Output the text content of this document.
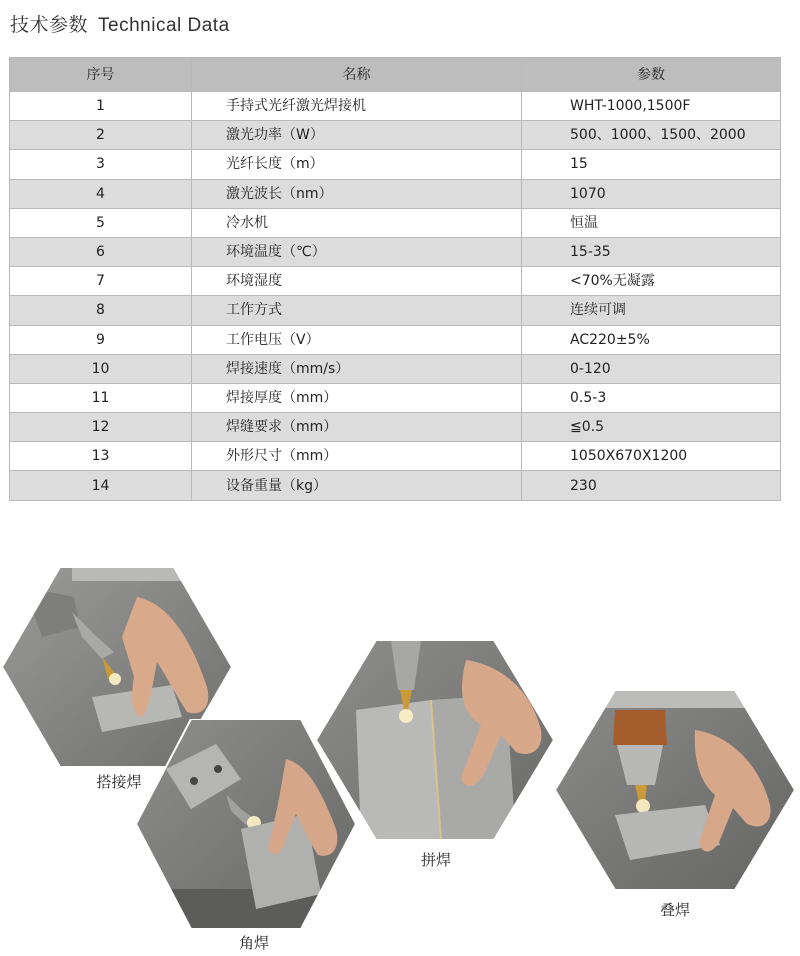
技术参数 Technical Data
序号	名称	参数
1	手持式光纤激光焊接机	WHT-1000,1500F
2	激光功率（W）	500、1000、1500、2000
3	光纤长度（m）	15
4	激光波长（nm）	1070
5	冷水机	恒温
6	环境温度（℃）	15-35
7	环境湿度	<70%无凝露
8	工作方式	连续可调
9	工作电压（V）	AC220±5%
10	焊接速度（mm/s）	0-120
11	焊接厚度（mm）	0.5-3
12	焊缝要求（mm）	≦0.5
13	外形尺寸（mm）	1050X670X1200
14	设备重量（kg）	230
搭接焊
角焊
拼焊
叠焊
